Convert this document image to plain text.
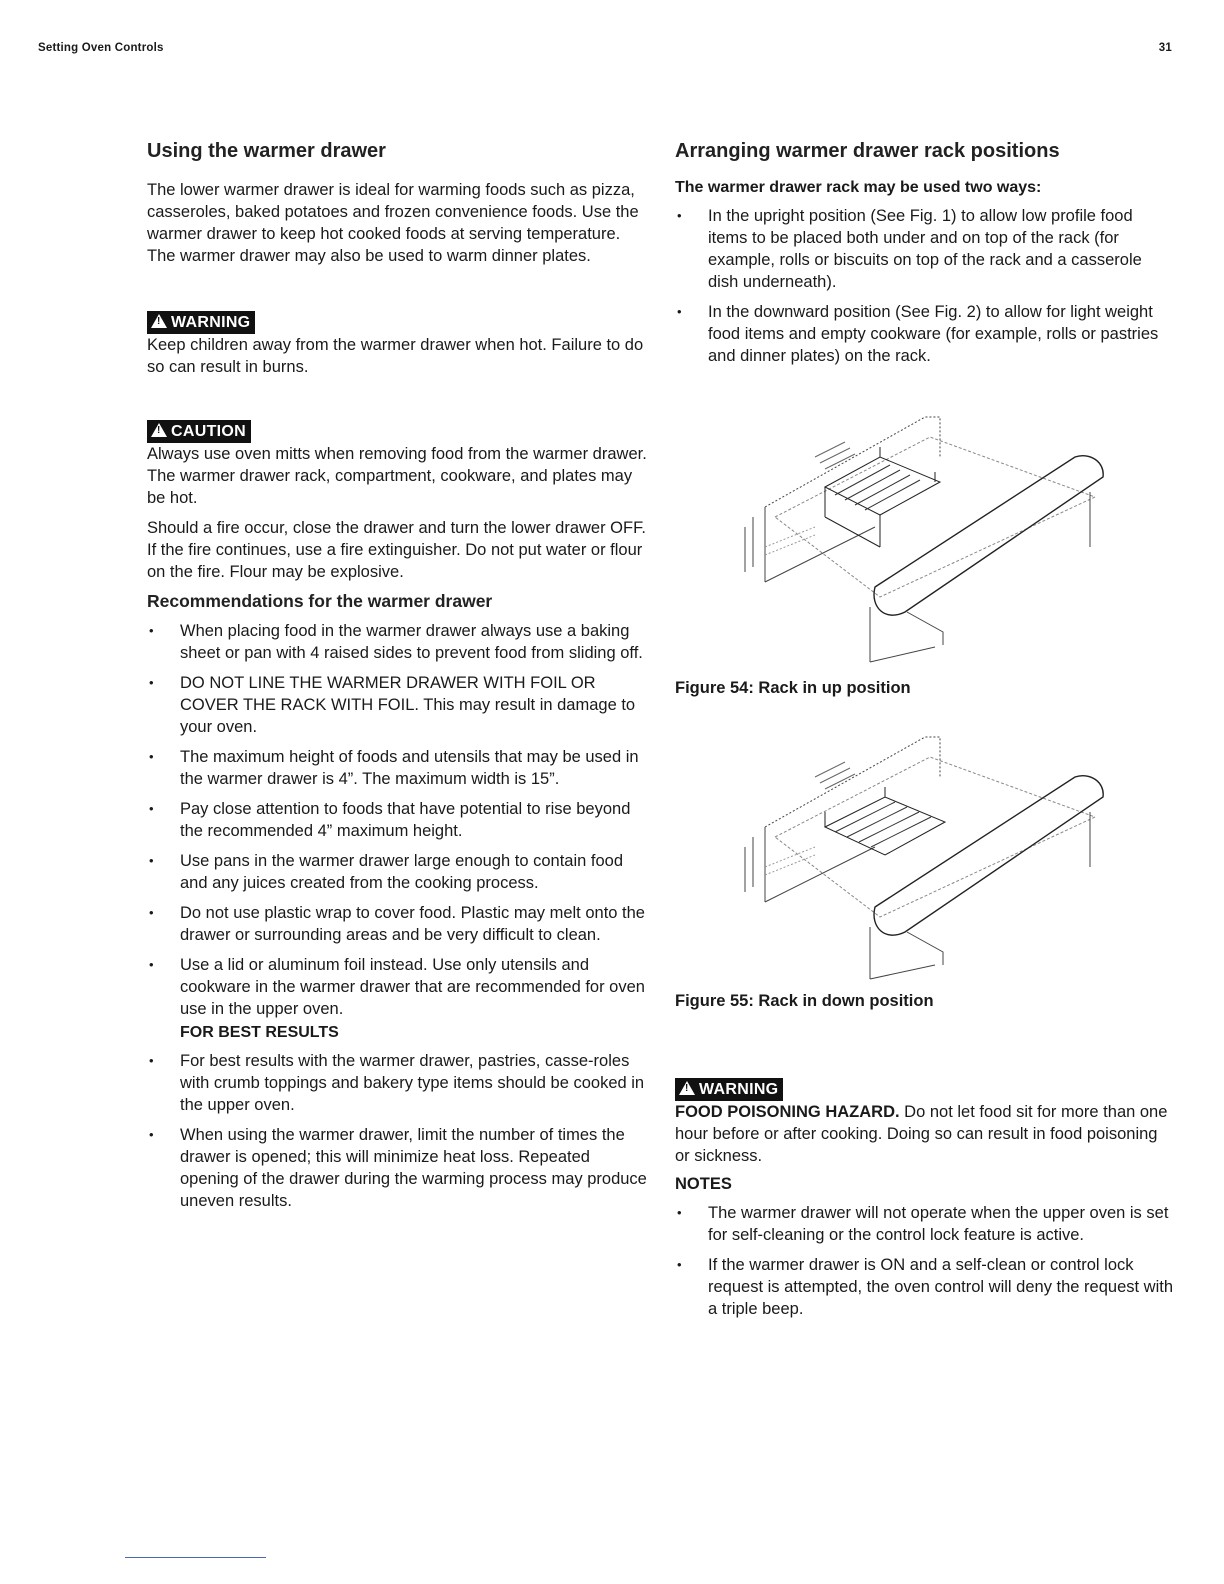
Setting Oven Controls	31
Using the warmer drawer

The lower warmer drawer is ideal for warming foods such as pizza, casseroles, baked potatoes and frozen convenience foods. Use the warmer drawer to keep hot cooked foods at serving temperature. The warmer drawer may also be used to warm dinner plates.

! WARNING

Keep children away from the warmer drawer when hot. Failure to do so can result in burns.

! CAUTION

Always use oven mitts when removing food from the warmer drawer. The warmer drawer rack, compartment, cookware, and plates may be hot.

Should a fire occur, close the drawer and turn the lower drawer OFF. If the fire continues, use a fire extinguisher. Do not put water or flour on the fire. Flour may be explosive.

Recommendations for the warmer drawer
• When placing food in the warmer drawer always use a baking sheet or pan with 4 raised sides to prevent food from sliding off.
• DO NOT LINE THE WARMER DRAWER WITH FOIL OR COVER THE RACK WITH FOIL. This may result in damage to your oven.
• The maximum height of foods and utensils that may be used in the warmer drawer is 4”. The maximum width is 15”.
• Pay close attention to foods that have potential to rise beyond the recommended 4” maximum height.
• Use pans in the warmer drawer large enough to contain food and any juices created from the cooking process.
• Do not use plastic wrap to cover food. Plastic may melt onto the drawer or surrounding areas and be very difficult to clean.
• Use a lid or aluminum foil instead. Use only utensils and cookware in the warmer drawer that are recommended for oven use in the upper oven.
FOR BEST RESULTS
• For best results with the warmer drawer, pastries, casse-roles with crumb toppings and bakery type items should be cooked in the upper oven.
• When using the warmer drawer, limit the number of times the drawer is opened; this will minimize heat loss. Repeated opening of the drawer during the warming process may produce uneven results.
Arranging warmer drawer rack positions
The warmer drawer rack may be used two ways:
• In the upright position (See Fig. 1) to allow low profile food items to be placed both under and on top of the rack (for example, rolls or biscuits on top of the rack and a casserole dish underneath).
• In the downward position (See Fig. 2) to allow for light weight food items and empty cookware (for example, rolls or pastries and dinner plates) on the rack.

Figure 54: Rack in up position

Figure 55: Rack in down position

! WARNING

FOOD POISONING HAZARD. Do not let food sit for more than one hour before or after cooking. Doing so can result in food poisoning or sickness.

NOTES
• The warmer drawer will not operate when the upper oven is set for self-cleaning or the control lock feature is active.
• If the warmer drawer is ON and a self-clean or control lock request is attempted, the oven control will deny the request with a triple beep.
